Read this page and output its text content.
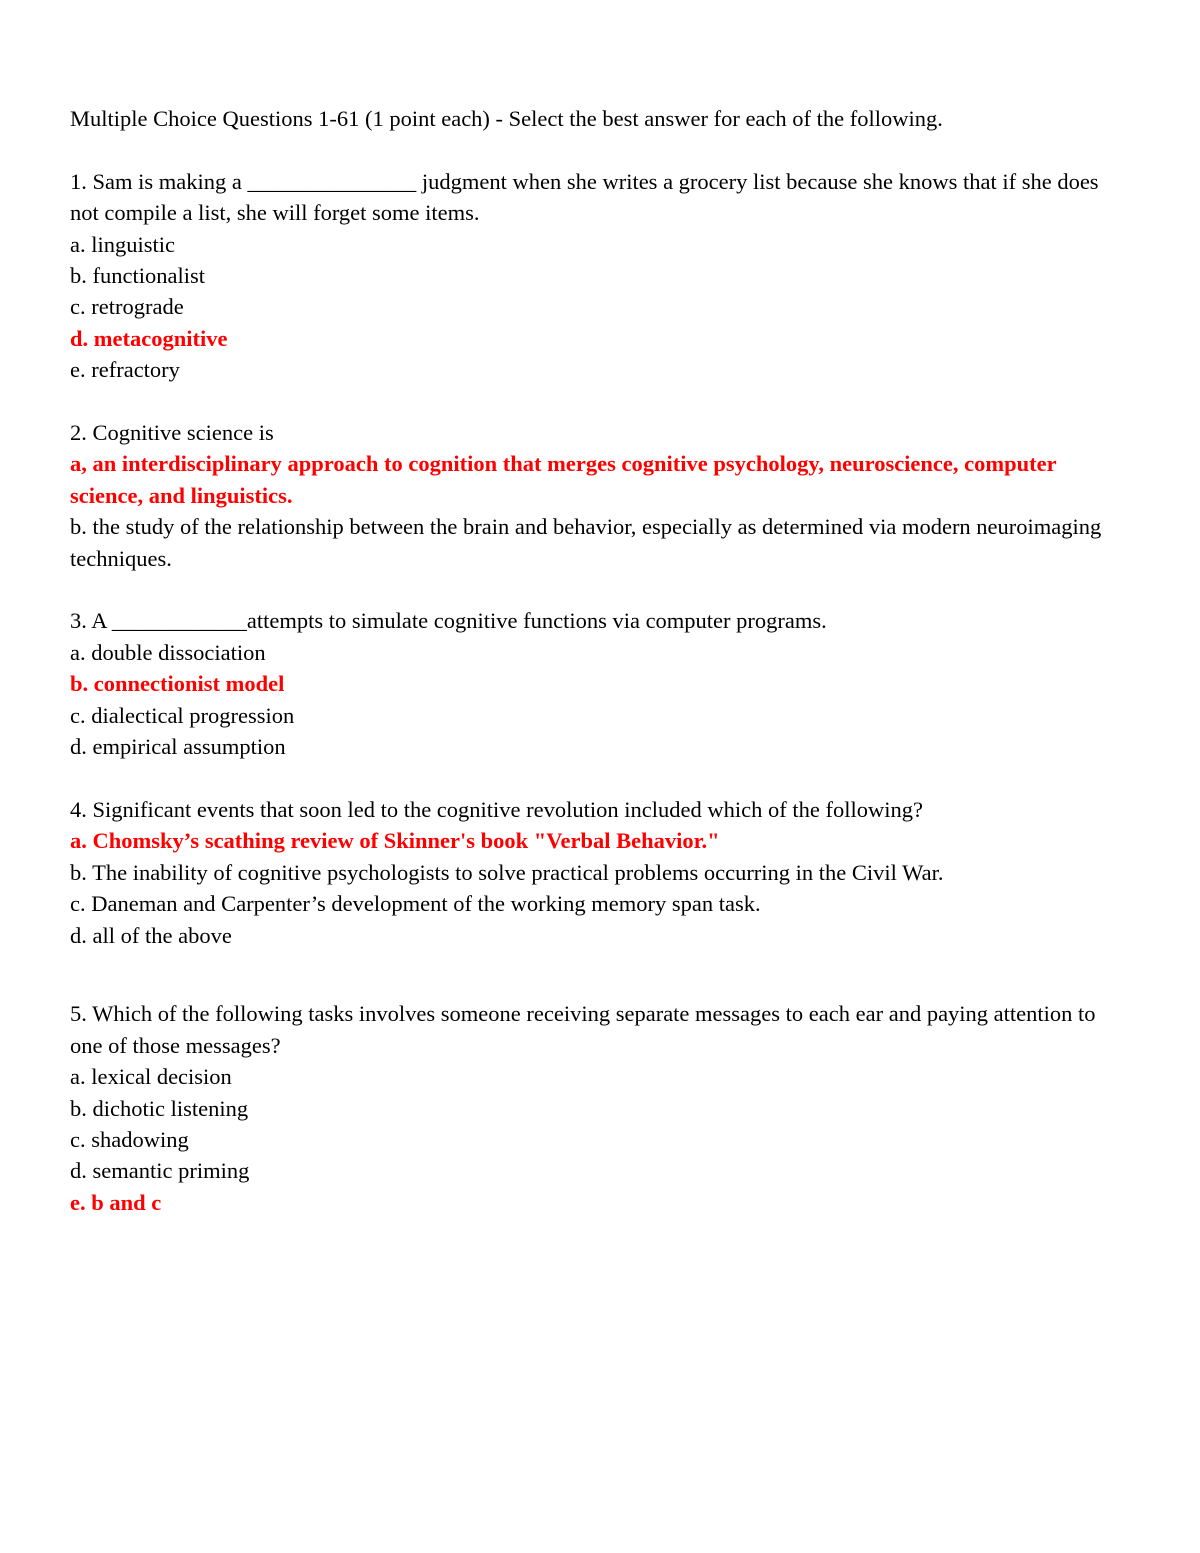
Multiple Choice Questions 1-61 (1 point each) - Select the best answer for each of the following.
1. Sam is making a _______________ judgment when she writes a grocery list because she knows that if she does not compile a list, she will forget some items.
a. linguistic
b. functionalist
c. retrograde
d. metacognitive
e. refractory
2. Cognitive science is
a, an interdisciplinary approach to cognition that merges cognitive psychology, neuroscience, computer science, and linguistics.
b. the study of the relationship between the brain and behavior, especially as determined via modern neuroimaging techniques.
3. A ____________attempts to simulate cognitive functions via computer programs.
a. double dissociation
b. connectionist model
c. dialectical progression
d. empirical assumption
4. Significant events that soon led to the cognitive revolution included which of the following?
a. Chomsky’s scathing review of Skinner's book "Verbal Behavior."
b. The inability of cognitive psychologists to solve practical problems occurring in the Civil War.
c. Daneman and Carpenter’s development of the working memory span task.
d. all of the above
5. Which of the following tasks involves someone receiving separate messages to each ear and paying attention to one of those messages?
a. lexical decision
b. dichotic listening
c. shadowing
d. semantic priming
e. b and c
